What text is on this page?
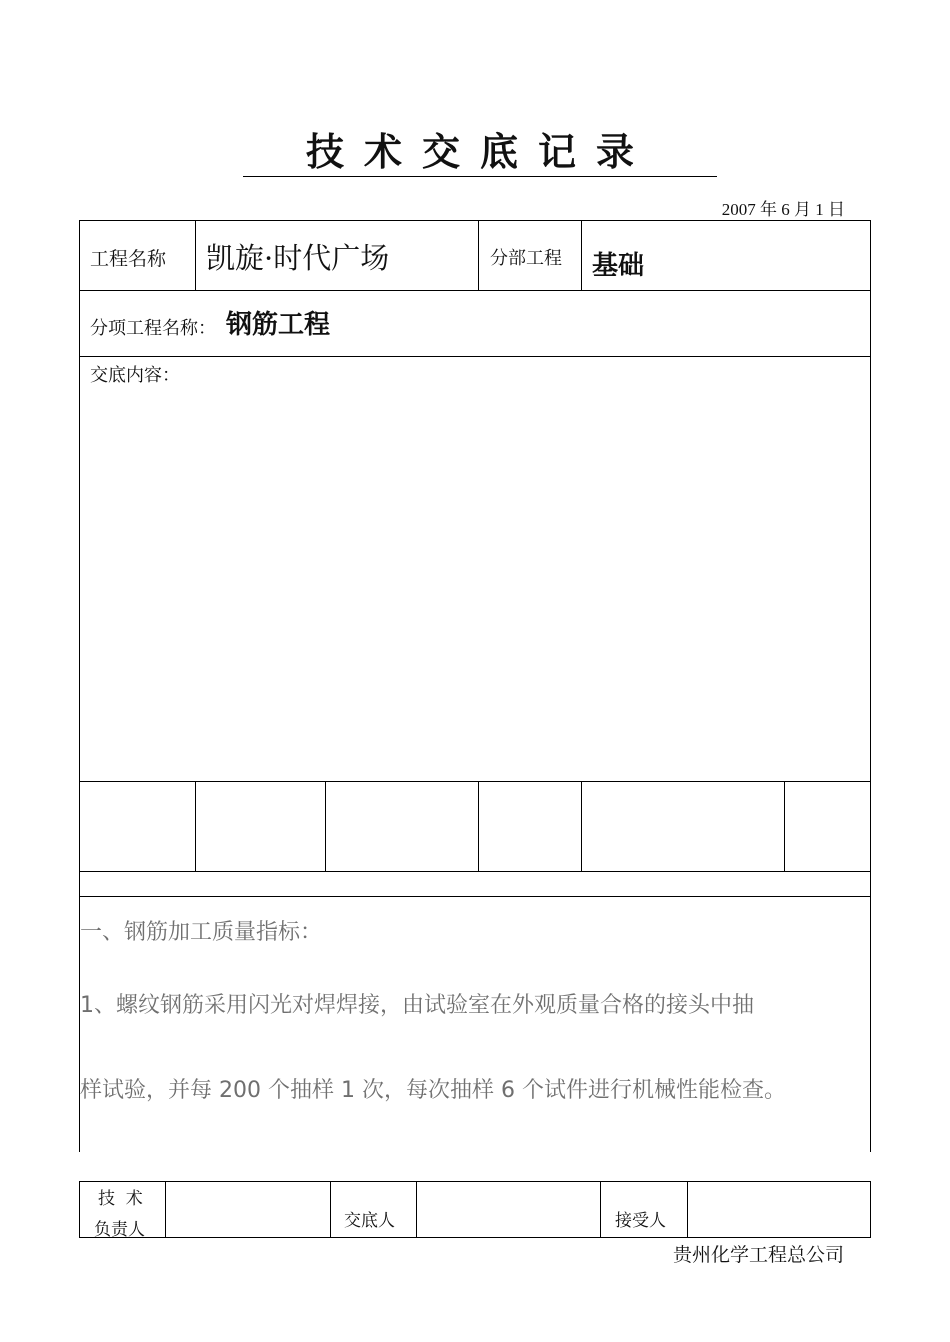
技术交底记录
2007 年 6 月 1 日
工程名称 凯旋·时代广场	分部工程 基础
分项工程名称： 钢筋工程
交底内容：
一、钢筋加工质量指标：
1、螺纹钢筋采用闪光对焊焊接，由试验室在外观质量合格的接头中抽
样试验，并每 200 个抽样 1 次，每次抽样 6 个试件进行机械性能检查。
技  术
负责人	交底人	接受人
贵州化学工程总公司
